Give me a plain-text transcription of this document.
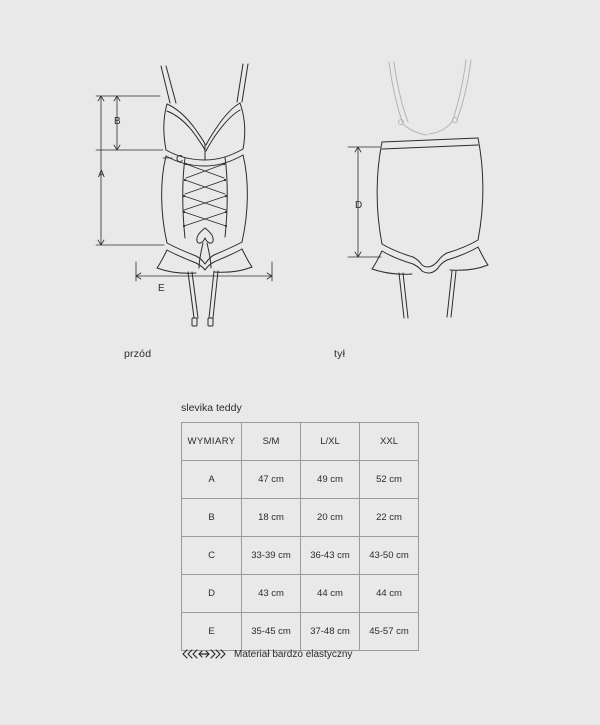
B
A
C
E
D
przód	tył
slevika teddy
WYMIARY	S/M	L/XL	XXL
A	47 cm	49 cm	52 cm
B	18 cm	20 cm	22 cm
C	33-39 cm	36-43 cm	43-50 cm
D	43 cm	44 cm	44 cm
E	35-45 cm	37-48 cm	45-57 cm
Materiał bardzo elastyczny
